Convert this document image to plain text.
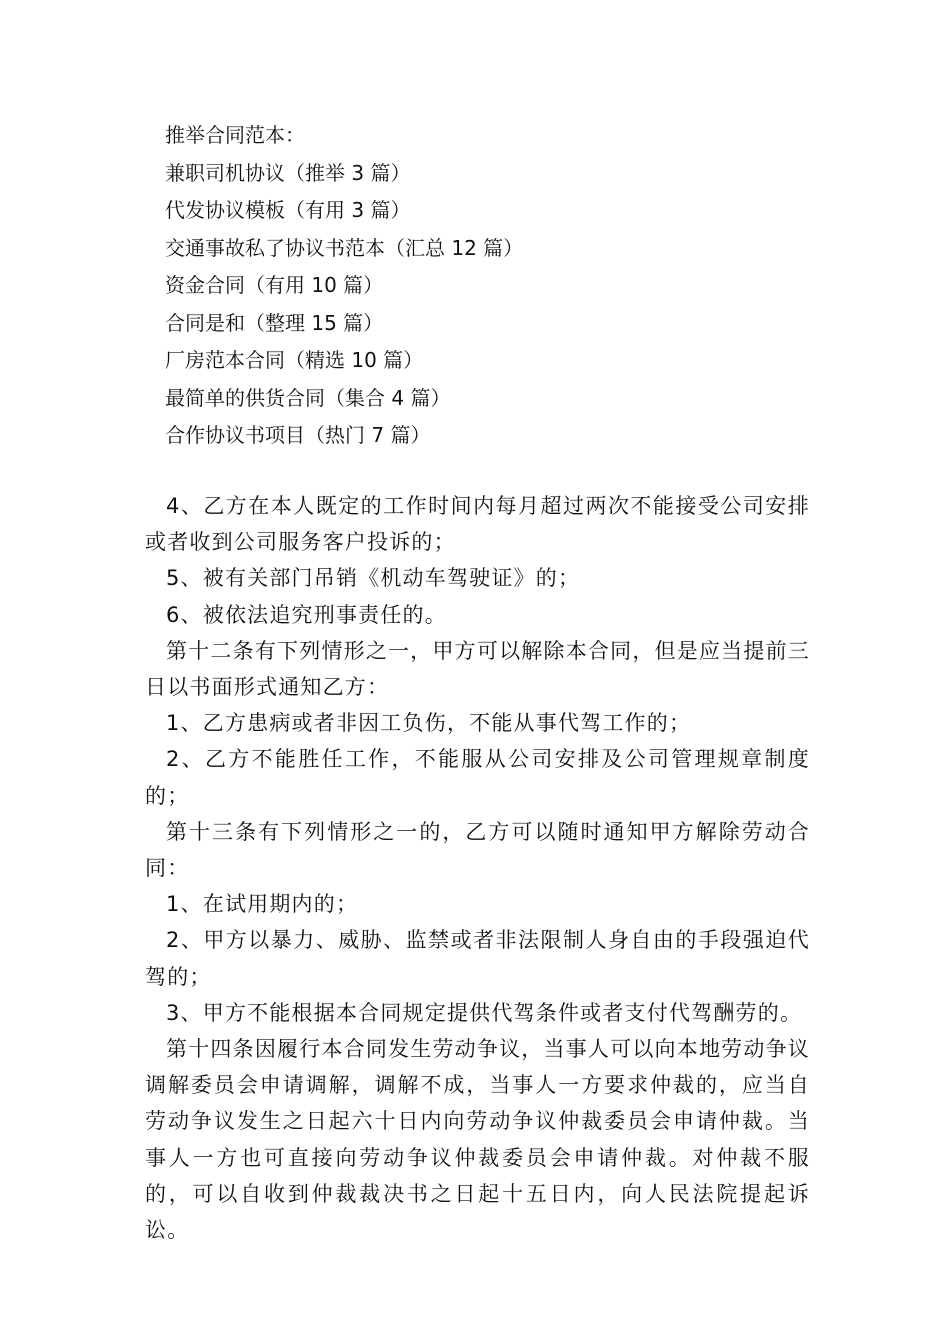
推举合同范本：
兼职司机协议（推举 3 篇）
代发协议模板（有用 3 篇）
交通事故私了协议书范本（汇总 12 篇）
资金合同（有用 10 篇）
合同是和（整理 15 篇）
厂房范本合同（精选 10 篇）
最简单的供货合同（集合 4 篇）
合作协议书项目（热门 7 篇）

4、乙方在本人既定的工作时间内每月超过两次不能接受公司安排或者收到公司服务客户投诉的；

5、被有关部门吊销《机动车驾驶证》的；

6、被依法追究刑事责任的。

第十二条有下列情形之一，甲方可以解除本合同，但是应当提前三日以书面形式通知乙方：

1、乙方患病或者非因工负伤，不能从事代驾工作的；

2、乙方不能胜任工作，不能服从公司安排及公司管理规章制度的；

第十三条有下列情形之一的，乙方可以随时通知甲方解除劳动合同：

1、在试用期内的；

2、甲方以暴力、威胁、监禁或者非法限制人身自由的手段强迫代驾的；

3、甲方不能根据本合同规定提供代驾条件或者支付代驾酬劳的。

第十四条因履行本合同发生劳动争议，当事人可以向本地劳动争议调解委员会申请调解，调解不成，当事人一方要求仲裁的，应当自劳动争议发生之日起六十日内向劳动争议仲裁委员会申请仲裁。当事人一方也可直接向劳动争议仲裁委员会申请仲裁。对仲裁不服的，可以自收到仲裁裁决书之日起十五日内，向人民法院提起诉讼。
